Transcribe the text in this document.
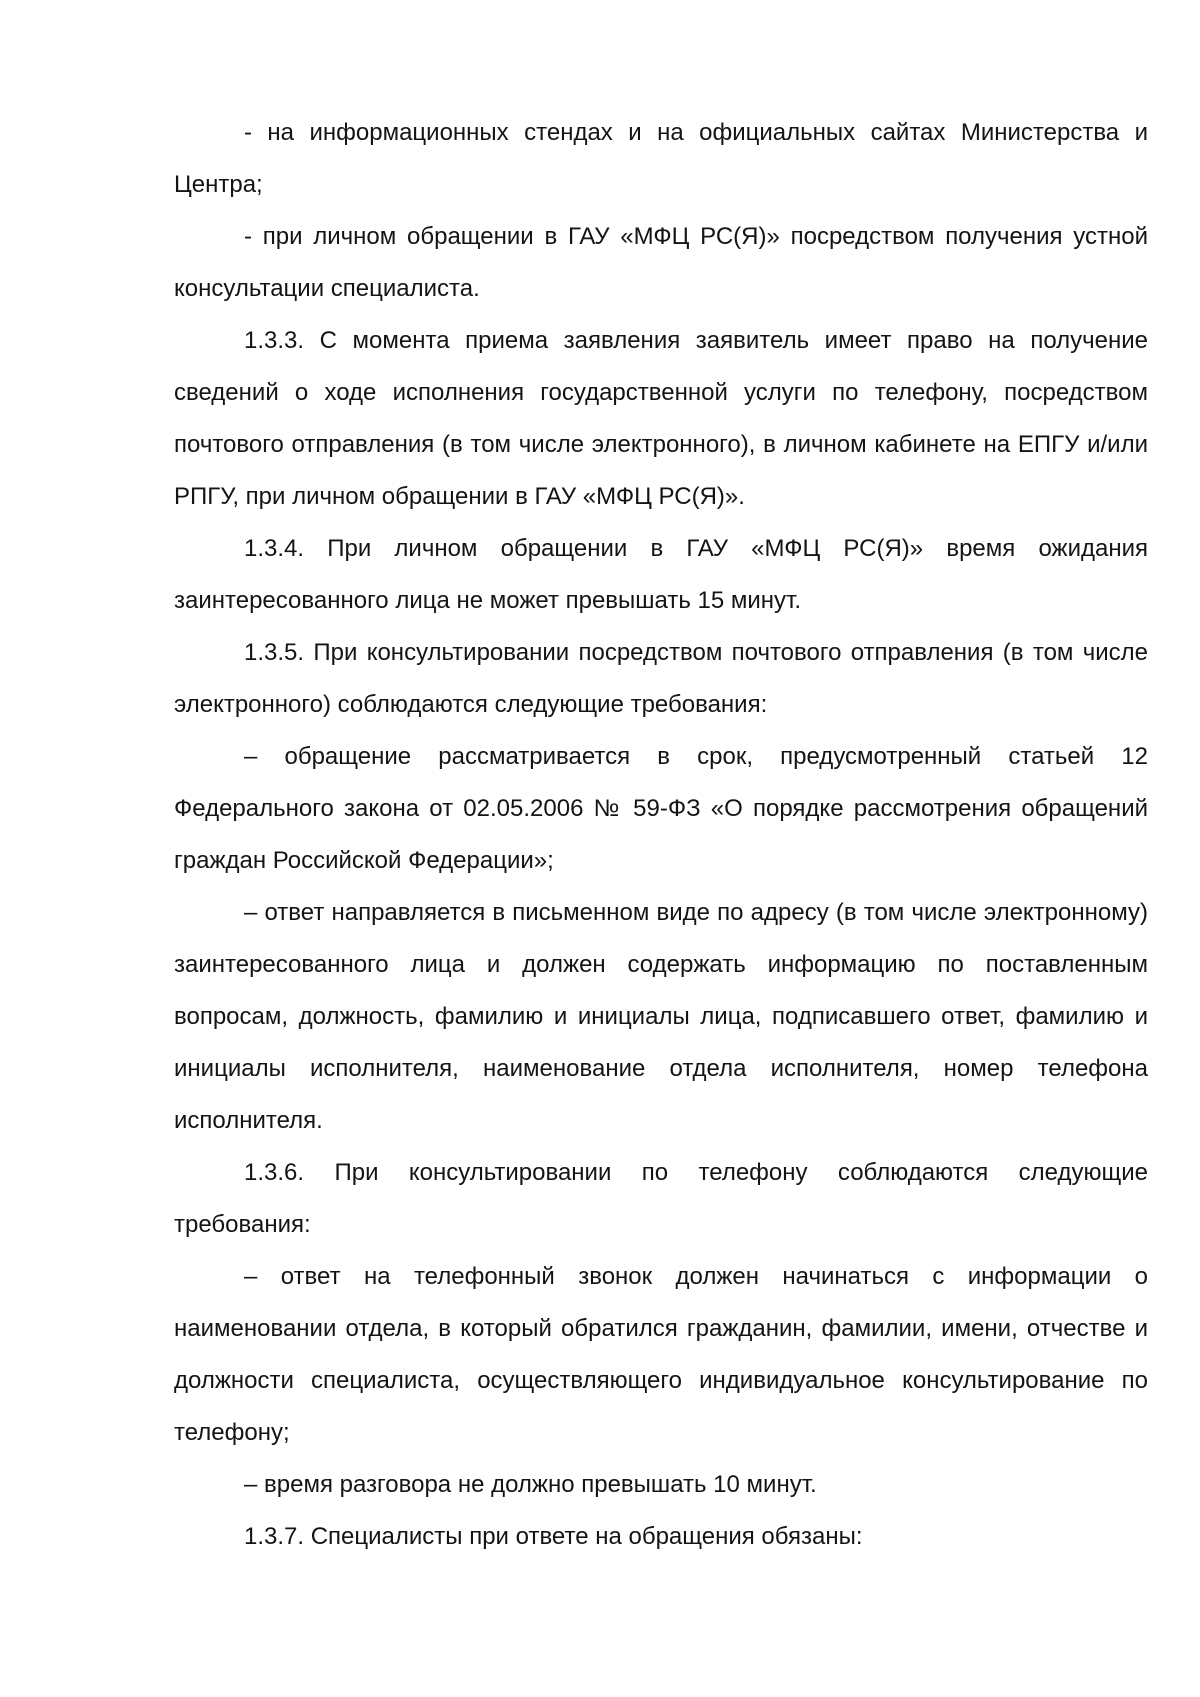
- на информационных стендах и на официальных сайтах Министерства и Центра;

- при личном обращении в ГАУ «МФЦ РС(Я)» посредством получения устной консультации специалиста.

1.3.3. С момента приема заявления заявитель имеет право на получение сведений о ходе исполнения государственной услуги по телефону, посредством почтового отправления (в том числе электронного), в личном кабинете на ЕПГУ и/или РПГУ, при личном обращении в ГАУ «МФЦ РС(Я)».

1.3.4. При личном обращении в ГАУ «МФЦ РС(Я)» время ожидания заинтересованного лица не может превышать 15 минут.

1.3.5. При консультировании посредством почтового отправления (в том числе электронного) соблюдаются следующие требования:

– обращение рассматривается в срок, предусмотренный статьей 12 Федерального закона от 02.05.2006 № 59-ФЗ «О порядке рассмотрения обращений граждан Российской Федерации»;

– ответ направляется в письменном виде по адресу (в том числе электронному) заинтересованного лица и должен содержать информацию по поставленным вопросам, должность, фамилию и инициалы лица, подписавшего ответ, фамилию и инициалы исполнителя, наименование отдела исполнителя, номер телефона исполнителя.

1.3.6. При консультировании по телефону соблюдаются следующие требования:

– ответ на телефонный звонок должен начинаться с информации о наименовании отдела, в который обратился гражданин, фамилии, имени, отчестве и должности специалиста, осуществляющего индивидуальное консультирование по телефону;

– время разговора не должно превышать 10 минут.

1.3.7. Специалисты при ответе на обращения обязаны:
